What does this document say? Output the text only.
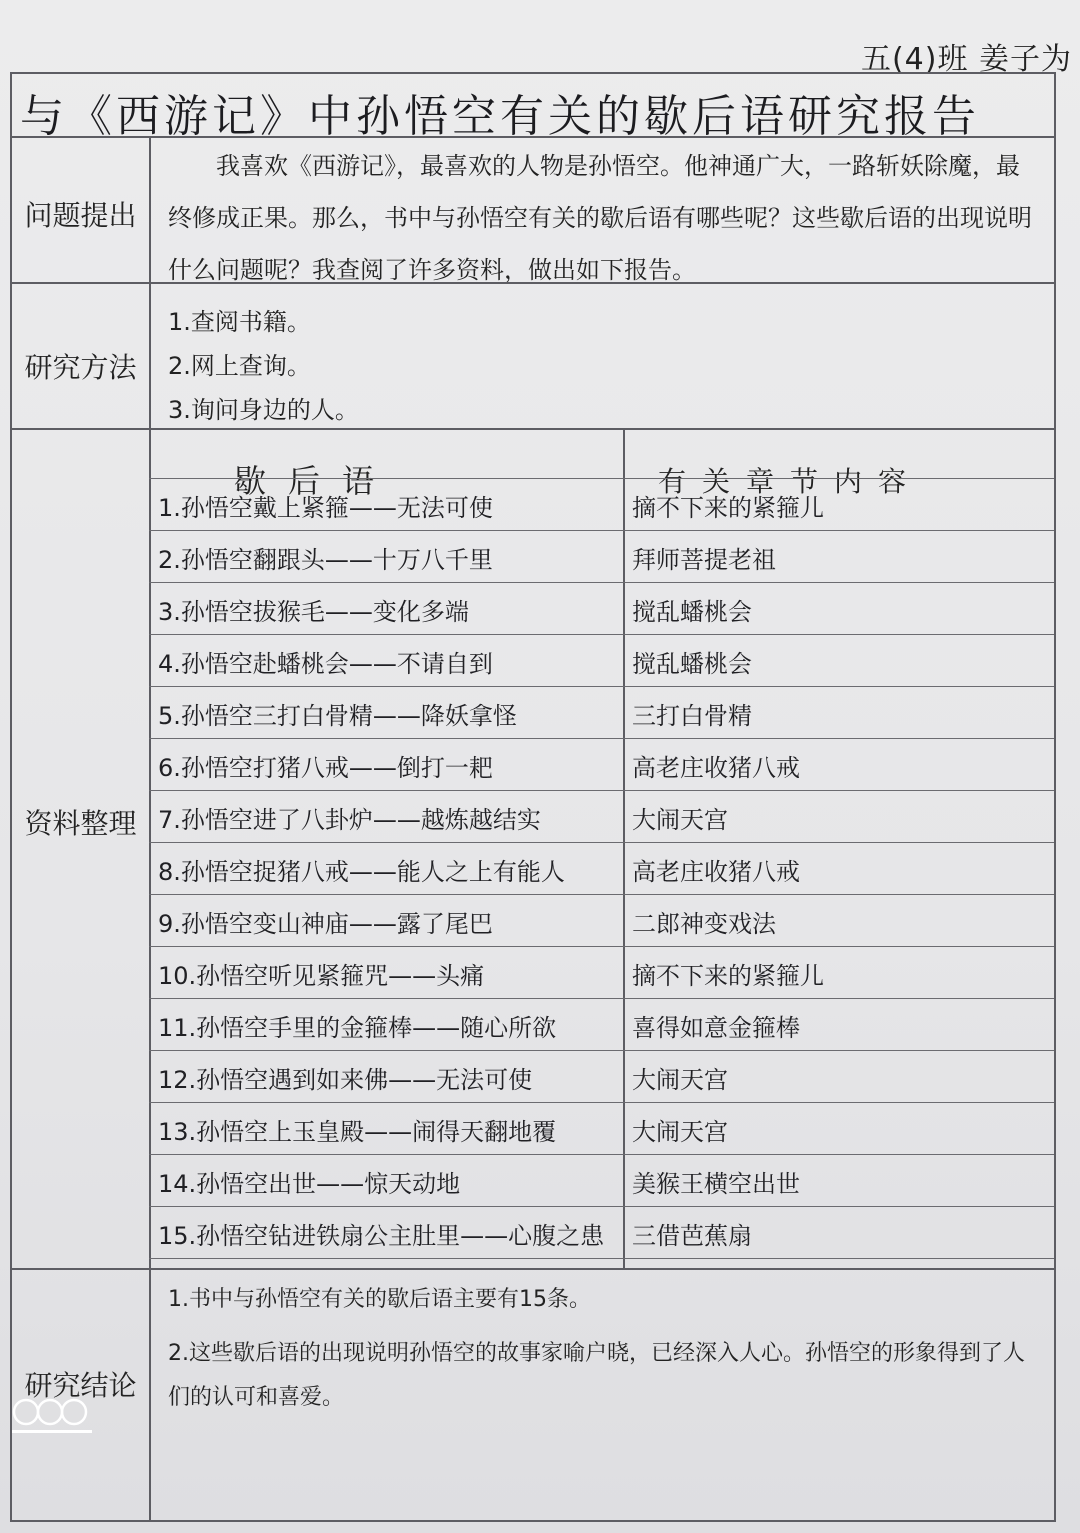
五(4)班 姜子为
与《西游记》中孙悟空有关的歇后语研究报告
问题提出
我喜欢《西游记》，最喜欢的人物是孙悟空。他神通广大，一路斩妖除魔，最终修成正果。那么，书中与孙悟空有关的歇后语有哪些呢？这些歇后语的出现说明什么问题呢？我查阅了许多资料，做出如下报告。
研究方法
1.查阅书籍。
2.网上查询。
3.询问身边的人。
资料整理
歇后语	有关章节内容
1.孙悟空戴上紧箍——无法可使	摘不下来的紧箍儿
2.孙悟空翻跟头——十万八千里	拜师菩提老祖
3.孙悟空拔猴毛——变化多端	搅乱蟠桃会
4.孙悟空赴蟠桃会——不请自到	搅乱蟠桃会
5.孙悟空三打白骨精——降妖拿怪	三打白骨精
6.孙悟空打猪八戒——倒打一耙	高老庄收猪八戒
7.孙悟空进了八卦炉——越炼越结实	大闹天宫
8.孙悟空捉猪八戒——能人之上有能人	高老庄收猪八戒
9.孙悟空变山神庙——露了尾巴	二郎神变戏法
10.孙悟空听见紧箍咒——头痛	摘不下来的紧箍儿
11.孙悟空手里的金箍棒——随心所欲	喜得如意金箍棒
12.孙悟空遇到如来佛——无法可使	大闹天宫
13.孙悟空上玉皇殿——闹得天翻地覆	大闹天宫
14.孙悟空出世——惊天动地	美猴王横空出世
15.孙悟空钻进铁扇公主肚里——心腹之患	三借芭蕉扇
研究结论
1.书中与孙悟空有关的歇后语主要有15条。
2.这些歇后语的出现说明孙悟空的故事家喻户晓，已经深入人心。孙悟空的形象得到了人们的认可和喜爱。
